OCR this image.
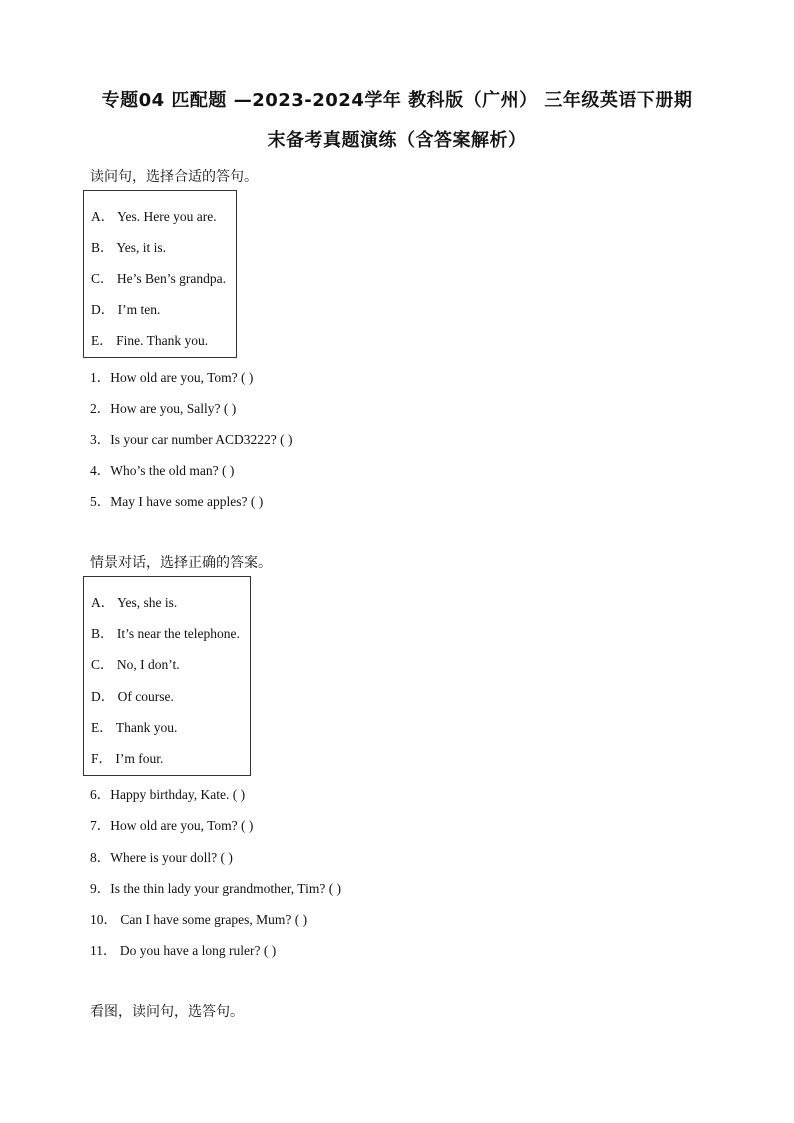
专题04 匹配题 —2023-2024学年 教科版（广州） 三年级英语下册期
末备考真题演练（含答案解析）
读问句，选择合适的答句。
A． Yes. Here you are.
B． Yes, it is.
C． He’s Ben’s grandpa.
D． I’m ten.
E． Fine. Thank you.
1．How old are you, Tom? ( )
2．How are you, Sally? ( )
3．Is your car number ACD3222? ( )
4．Who’s the old man? ( )
5．May I have some apples? ( )
情景对话，选择正确的答案。
A． Yes, she is.
B． It’s near the telephone.
C． No, I don’t.
D． Of course.
E． Thank you.
F． I’m four.
6．Happy birthday, Kate. ( )
7．How old are you, Tom? ( )
8．Where is your doll? ( )
9．Is the thin lady your grandmother, Tim? ( )
10． Can I have some grapes, Mum? ( )
11． Do you have a long ruler? ( )
看图，读问句，选答句。
